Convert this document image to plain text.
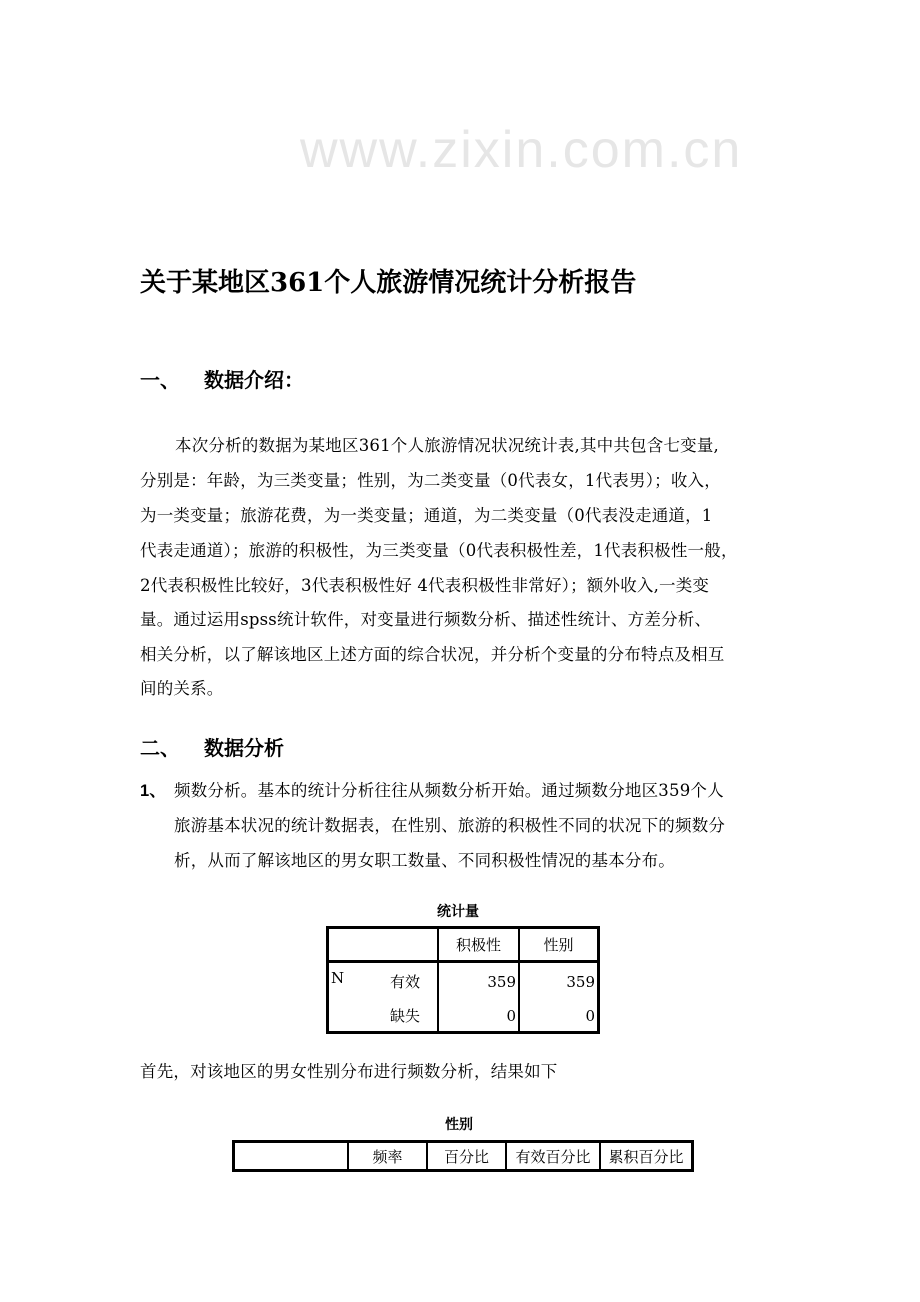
www.zixin.com.cn
关于某地区361个人旅游情况统计分析报告
一、 数据介绍：
本次分析的数据为某地区361个人旅游情况状况统计表,其中共包含七变量,
分别是：年龄，为三类变量；性别，为二类变量（0代表女，1代表男）；收入，
为一类变量；旅游花费，为一类变量；通道，为二类变量（0代表没走通道，1
代表走通道）；旅游的积极性，为三类变量（0代表积极性差，1代表积极性一般，
2代表积极性比较好，3代表积极性好 4代表积极性非常好）；额外收入,一类变
量。通过运用spss统计软件，对变量进行频数分析、描述性统计、方差分析、
相关分析，以了解该地区上述方面的综合状况，并分析个变量的分布特点及相互
间的关系。
二、 数据分析
1、 频数分析。基本的统计分析往往从频数分析开始。通过频数分地区359个人
旅游基本状况的统计数据表，在性别、旅游的积极性不同的状况下的频数分
析，从而了解该地区的男女职工数量、不同积极性情况的基本分布。
统计量
		积极性	性别
N	有效	359	359
	缺失	0	0
首先，对该地区的男女性别分布进行频数分析，结果如下
性别
	频率	百分比	有效百分比	累积百分比
